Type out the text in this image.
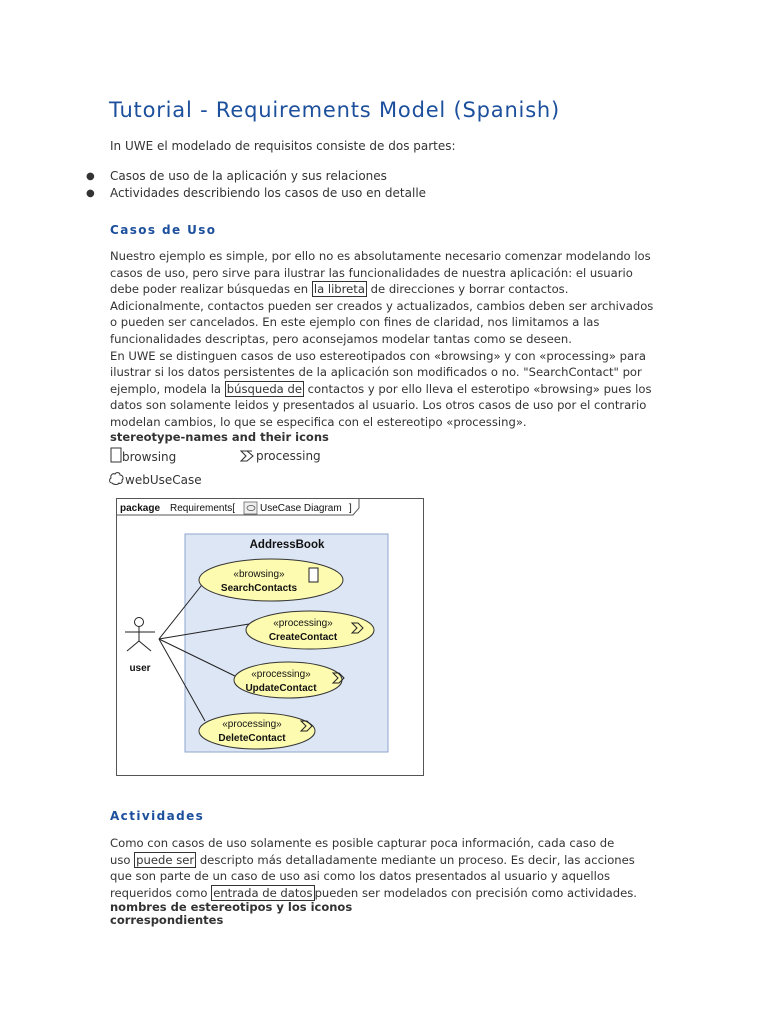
Tutorial - Requirements Model (Spanish)
In UWE el modelado de requisitos consiste de dos partes:
● Casos de uso de la aplicación y sus relaciones
● Actividades describiendo los casos de uso en detalle
Casos de Uso
Nuestro ejemplo es simple, por ello no es absolutamente necesario comenzar modelando los
casos de uso, pero sirve para ilustrar las funcionalidades de nuestra aplicación: el usuario
debe poder realizar búsquedas en la libreta de direcciones y borrar contactos.
Adicionalmente, contactos pueden ser creados y actualizados, cambios deben ser archivados
o pueden ser cancelados. En este ejemplo con fines de claridad, nos limitamos a las
funcionalidades descriptas, pero aconsejamos modelar tantas como se deseen.
En UWE se distinguen casos de uso estereotipados con «browsing» y con «processing» para
ilustrar si los datos persistentes de la aplicación son modificados o no. "SearchContact" por
ejemplo, modela la búsqueda de contactos y por ello lleva el esterotipo «browsing» pues los
datos son solamente leidos y presentados al usuario. Los otros casos de uso por el contrario
modelan cambios, lo que se especifica con el estereotipo «processing».
stereotype-names and their icons
browsing	processing
webUseCase
package Requirements[ UseCase Diagram ]
AddressBook
user
«browsing»
SearchContacts
«processing»
CreateContact
«processing»
UpdateContact
«processing»
DeleteContact
Actividades
Como con casos de uso solamente es posible capturar poca información, cada caso de
uso puede ser descripto más detalladamente mediante un proceso. Es decir, las acciones
que son parte de un caso de uso asi como los datos presentados al usuario y aquellos
requeridos como entrada de datos pueden ser modelados con precisión como actividades.
nombres de estereotipos y los iconos
correspondientes
